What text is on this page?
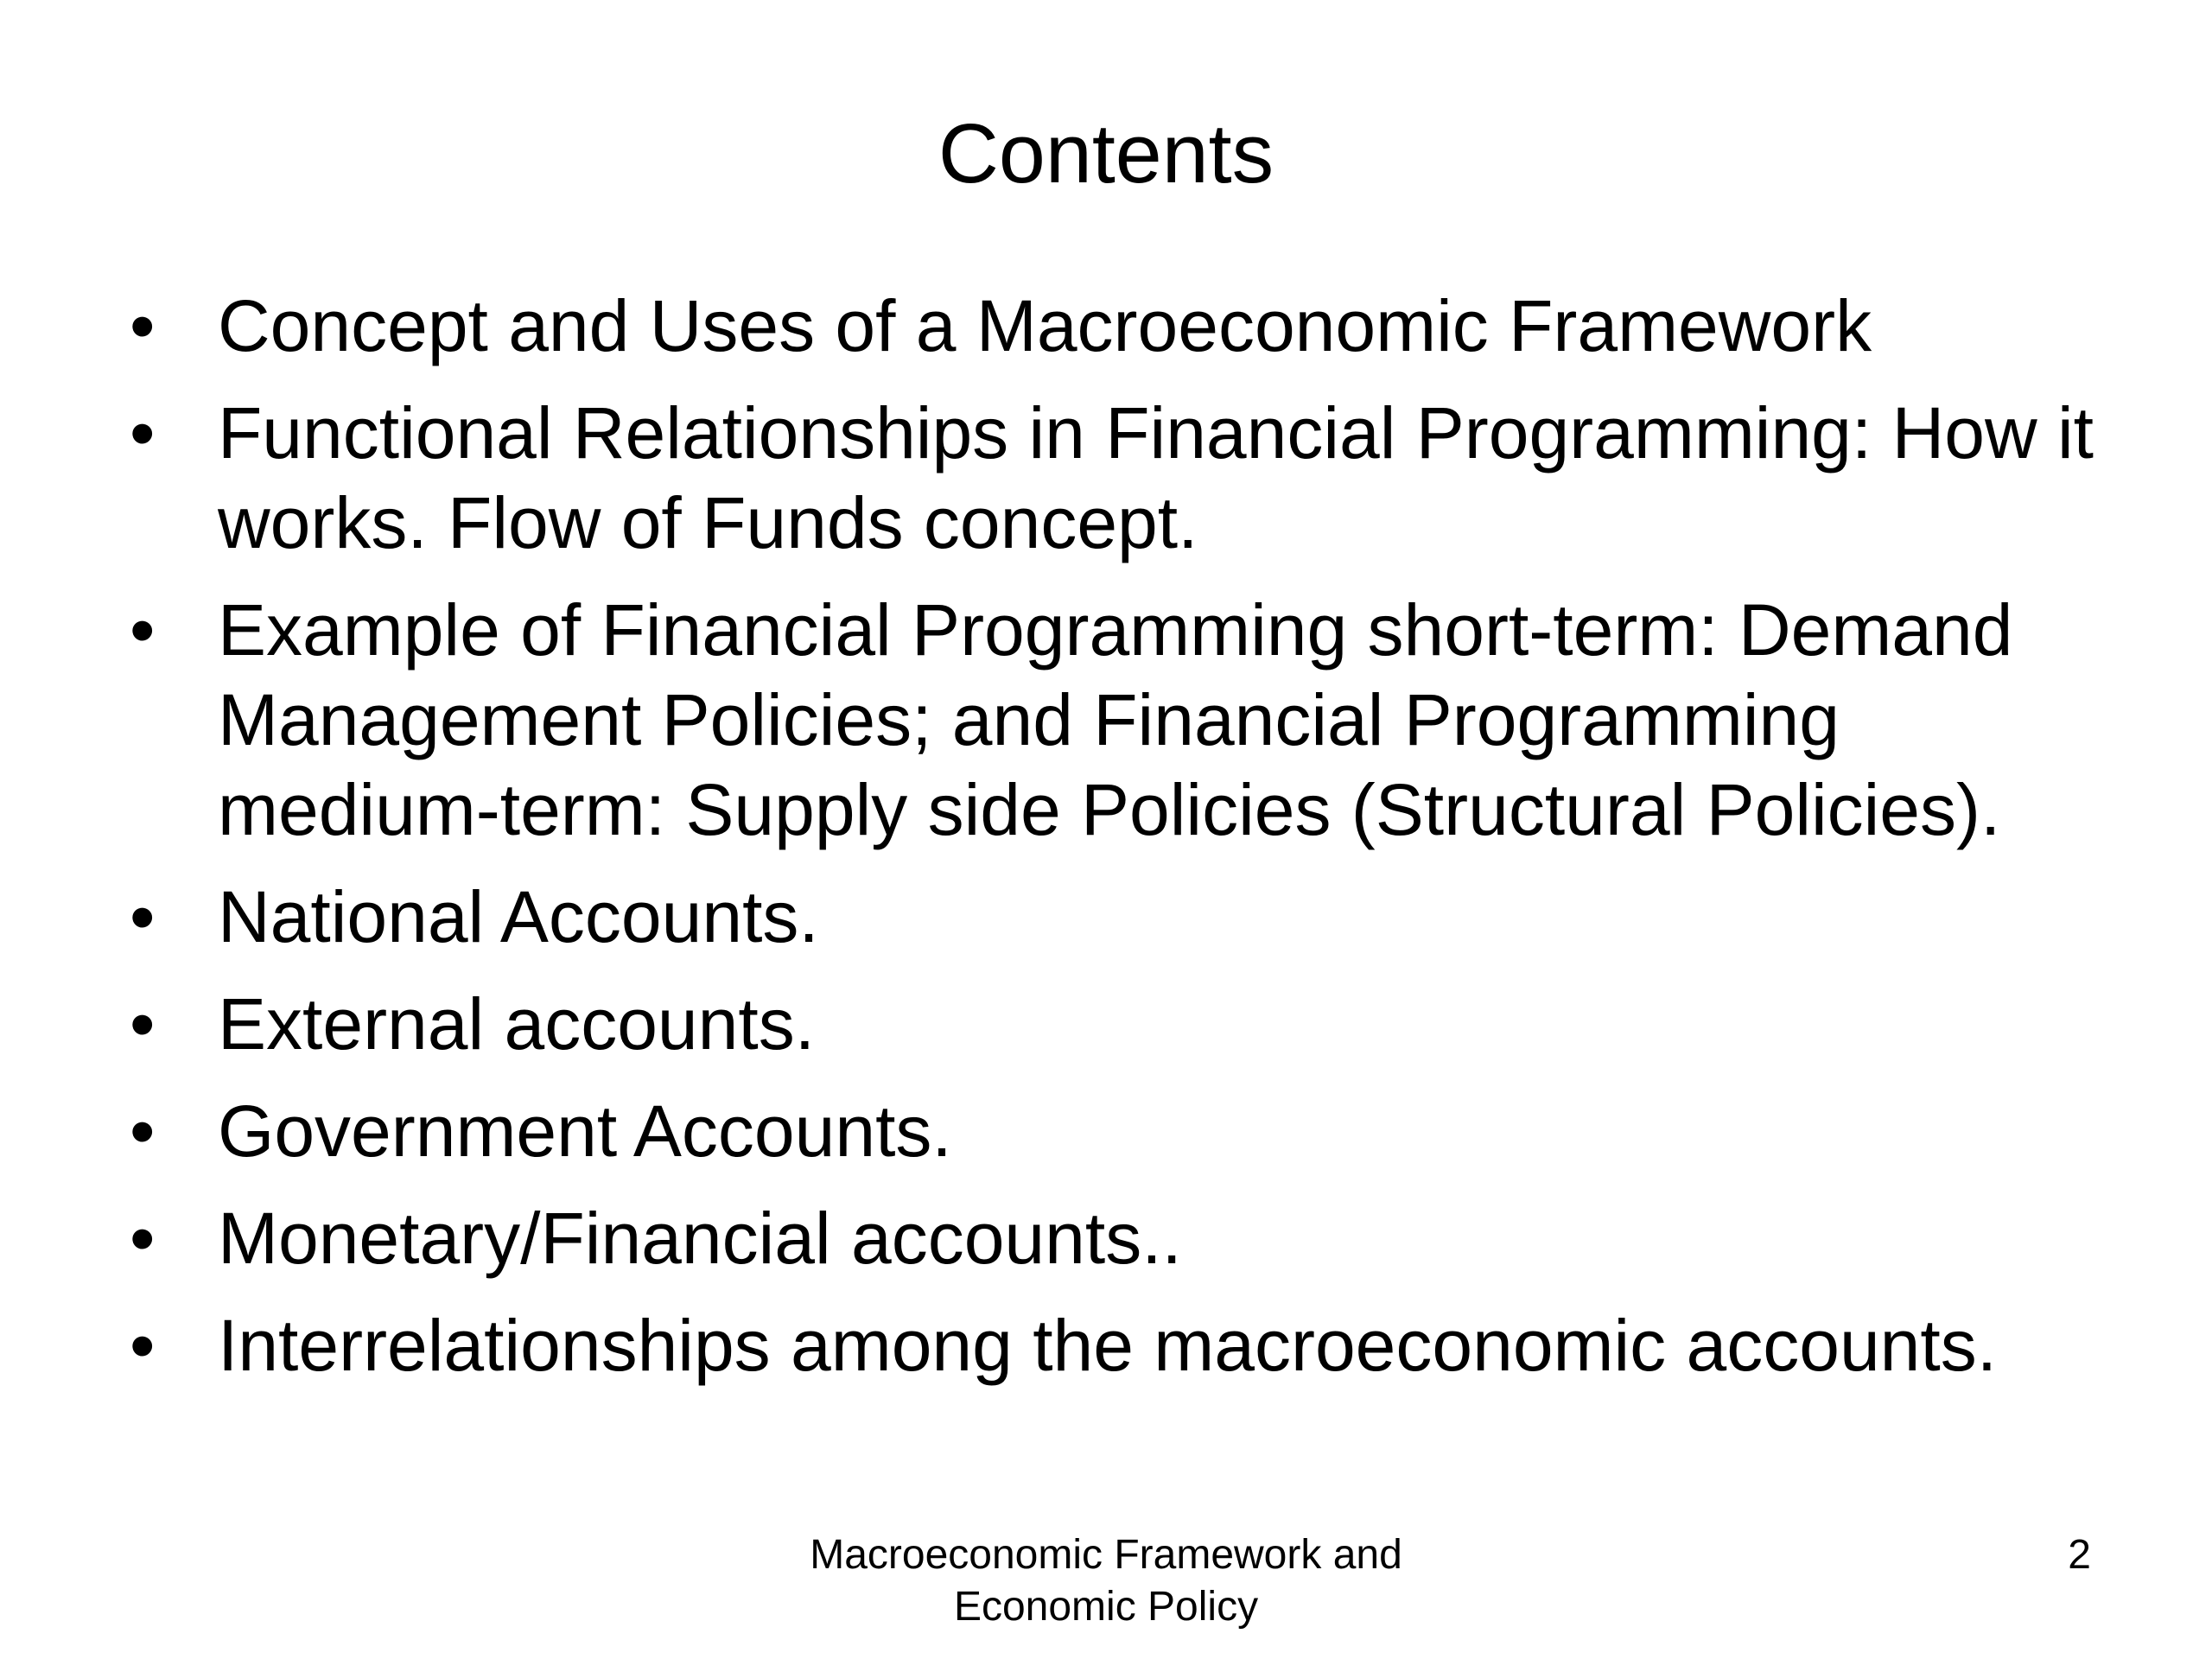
Contents
• Concept and Uses of a Macroeconomic Framework
• Functional Relationships in Financial Programming: How it works. Flow of Funds concept.
• Example of Financial Programming short-term: Demand Management Policies; and Financial Programming medium-term: Supply side Policies (Structural Policies).
• National Accounts.
• External accounts.
• Government Accounts.
• Monetary/Financial accounts..
• Interrelationships among the macroeconomic accounts.
Macroeconomic Framework and
Economic Policy
2
